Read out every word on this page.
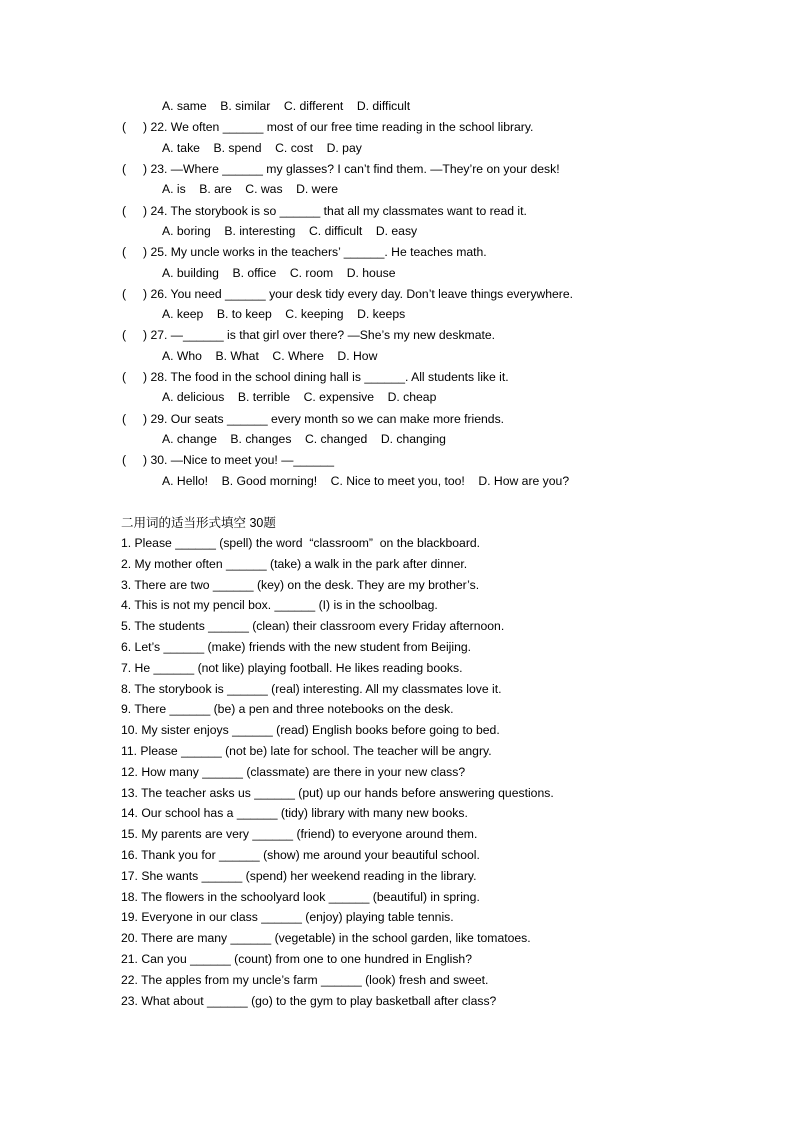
A. same    B. similar    C. different    D. difficult
(     ) 22. We often ______ most of our free time reading in the school library.
A. take    B. spend    C. cost    D. pay
(     ) 23. —Where ______ my glasses? I can’t find them. —They’re on your desk!
A. is    B. are    C. was    D. were
(     ) 24. The storybook is so ______ that all my classmates want to read it.
A. boring    B. interesting    C. difficult    D. easy
(     ) 25. My uncle works in the teachers’ ______. He teaches math.
A. building    B. office    C. room    D. house
(     ) 26. You need ______ your desk tidy every day. Don’t leave things everywhere.
A. keep    B. to keep    C. keeping    D. keeps
(     ) 27. —______ is that girl over there? —She’s my new deskmate.
A. Who    B. What    C. Where    D. How
(     ) 28. The food in the school dining hall is ______. All students like it.
A. delicious    B. terrible    C. expensive    D. cheap
(     ) 29. Our seats ______ every month so we can make more friends.
A. change    B. changes    C. changed    D. changing
(     ) 30. —Nice to meet you! —______
A. Hello!    B. Good morning!    C. Nice to meet you, too!    D. How are you?
二用词的适当形式填空 30题
1. Please ______ (spell) the word  “classroom”  on the blackboard.
2. My mother often ______ (take) a walk in the park after dinner.
3. There are two ______ (key) on the desk. They are my brother’s.
4. This is not my pencil box. ______ (I) is in the schoolbag.
5. The students ______ (clean) their classroom every Friday afternoon.
6. Let’s ______ (make) friends with the new student from Beijing.
7. He ______ (not like) playing football. He likes reading books.
8. The storybook is ______ (real) interesting. All my classmates love it.
9. There ______ (be) a pen and three notebooks on the desk.
10. My sister enjoys ______ (read) English books before going to bed.
11. Please ______ (not be) late for school. The teacher will be angry.
12. How many ______ (classmate) are there in your new class?
13. The teacher asks us ______ (put) up our hands before answering questions.
14. Our school has a ______ (tidy) library with many new books.
15. My parents are very ______ (friend) to everyone around them.
16. Thank you for ______ (show) me around your beautiful school.
17. She wants ______ (spend) her weekend reading in the library.
18. The flowers in the schoolyard look ______ (beautiful) in spring.
19. Everyone in our class ______ (enjoy) playing table tennis.
20. There are many ______ (vegetable) in the school garden, like tomatoes.
21. Can you ______ (count) from one to one hundred in English?
22. The apples from my uncle’s farm ______ (look) fresh and sweet.
23. What about ______ (go) to the gym to play basketball after class?
